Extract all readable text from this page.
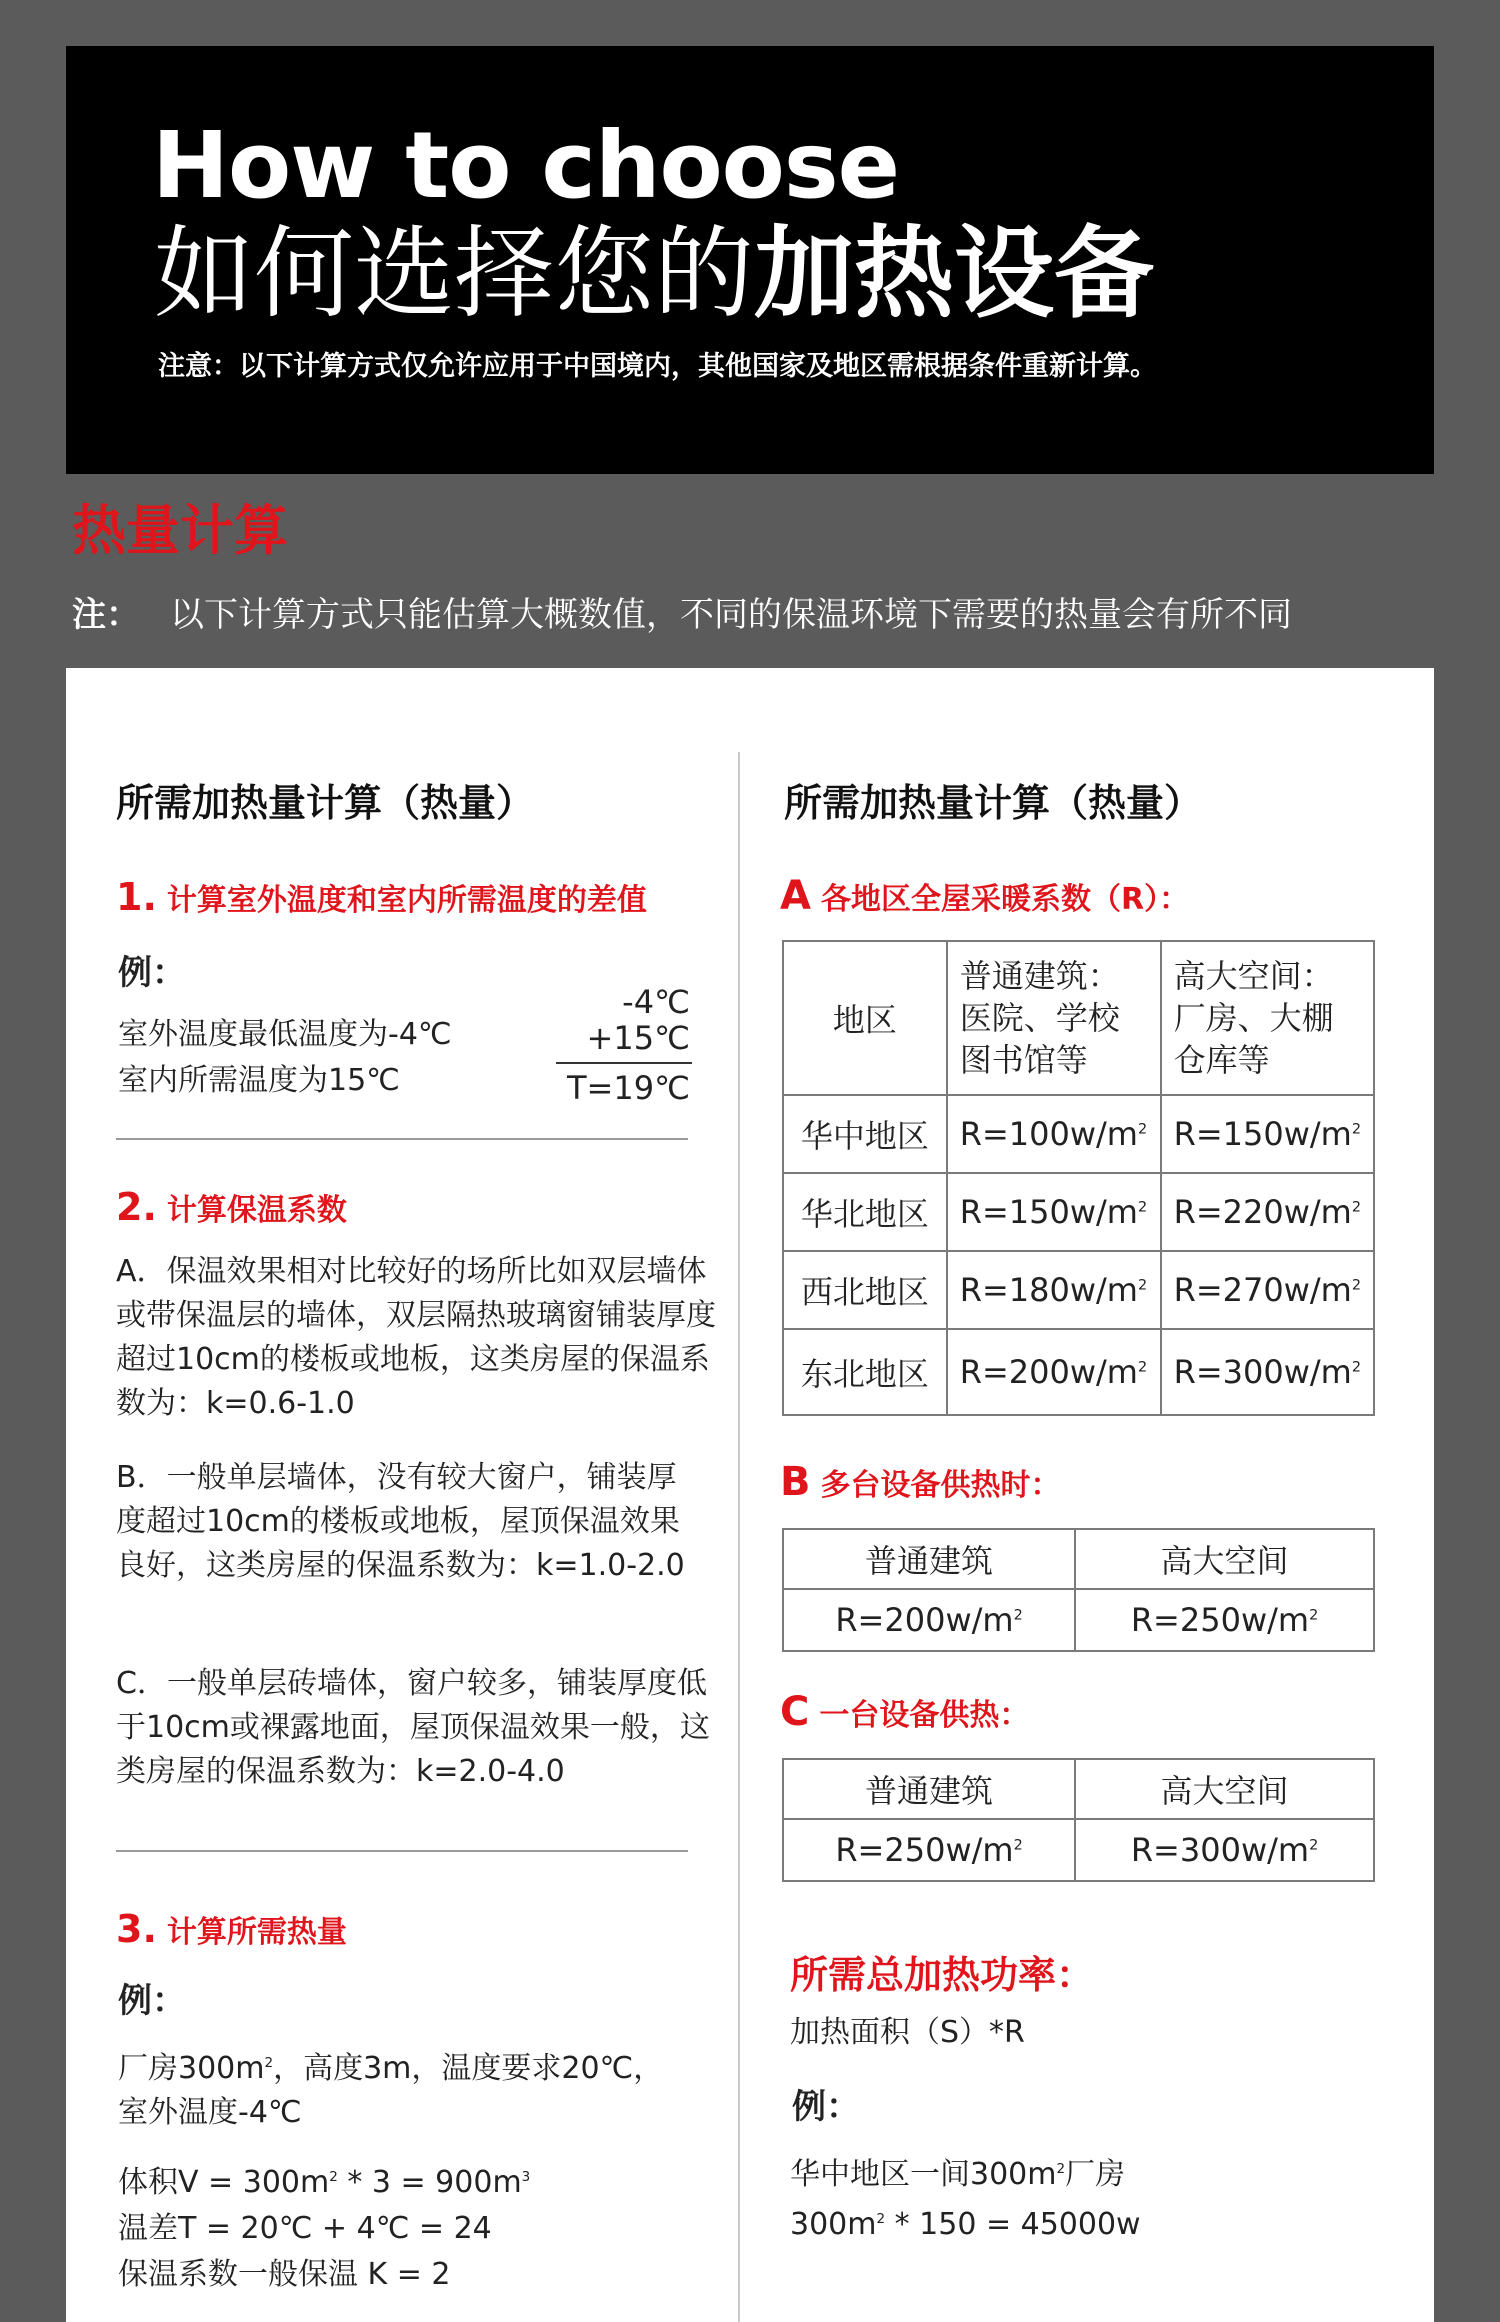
How to choose
如何选择您的加热设备
注意：以下计算方式仅允许应用于中国境内，其他国家及地区需根据条件重新计算。
热量计算
注： 以下计算方式只能估算大概数值，不同的保温环境下需要的热量会有所不同
所需加热量计算（热量）
1. 计算室外温度和室内所需温度的差值
例：
室外温度最低温度为-4℃
室内所需温度为15℃
-4℃
+15℃
T=19℃
2. 计算保温系数
A．保温效果相对比较好的场所比如双层墙体或带保温层的墙体，双层隔热玻璃窗铺装厚度超过10cm的楼板或地板，这类房屋的保温系数为：k=0.6-1.0
B．一般单层墙体，没有较大窗户，铺装厚度超过10cm的楼板或地板，屋顶保温效果良好，这类房屋的保温系数为：k=1.0-2.0
C．一般单层砖墙体，窗户较多，铺装厚度低于10cm或裸露地面，屋顶保温效果一般，这类房屋的保温系数为：k=2.0-4.0
3. 计算所需热量
例：
厂房$300m^2$，高度3m，温度要求20℃，
室外温度-4℃
体积$V = 300m^2 * 3 = 900m^3$
温差T = 20℃ + 4℃ = 24
保温系数一般保温 K = 2
所需加热量计算（热量）
A 各地区全屋采暖系数（R）：
地区	普通建筑：
医院、学校
图书馆等	高大空间：
厂房、大棚
仓库等
华中地区	$R=100w/m^2$	$R=150w/m^2$
华北地区	$R=150w/m^2$	$R=220w/m^2$
西北地区	$R=180w/m^2$	$R=270w/m^2$
东北地区	$R=200w/m^2$	$R=300w/m^2$
B 多台设备供热时：
普通建筑	高大空间
$R=200w/m^2$	$R=250w/m^2$
C 一台设备供热：
普通建筑	高大空间
$R=250w/m^2$	$R=300w/m^2$
所需总加热功率：
加热面积（S）*R
例：
华中地区一间$300m^2$厂房
$300m^2 * 150 = 45000w$
